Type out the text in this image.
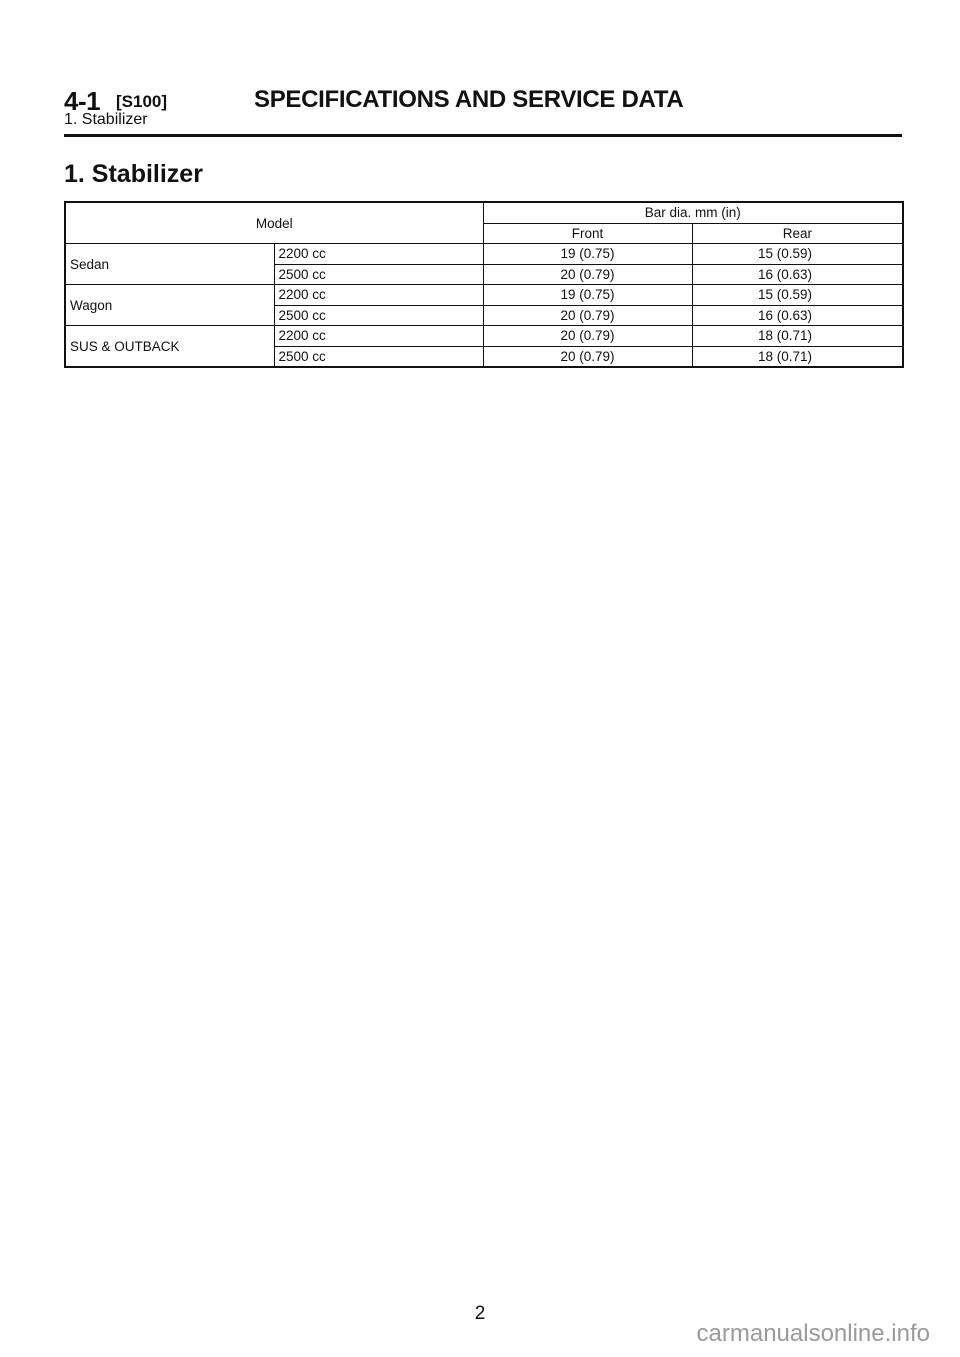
4-1 [S100]	SPECIFICATIONS AND SERVICE DATA
1. Stabilizer
1. Stabilizer
Model		Bar dia. mm (in)	
		Front	Rear
Sedan	2200 cc	19 (0.75)	15 (0.59)
	2500 cc	20 (0.79)	16 (0.63)
Wagon	2200 cc	19 (0.75)	15 (0.59)
	2500 cc	20 (0.79)	16 (0.63)
SUS & OUTBACK	2200 cc	20 (0.79)	18 (0.71)
	2500 cc	20 (0.79)	18 (0.71)
2
carmanualsonline.info
